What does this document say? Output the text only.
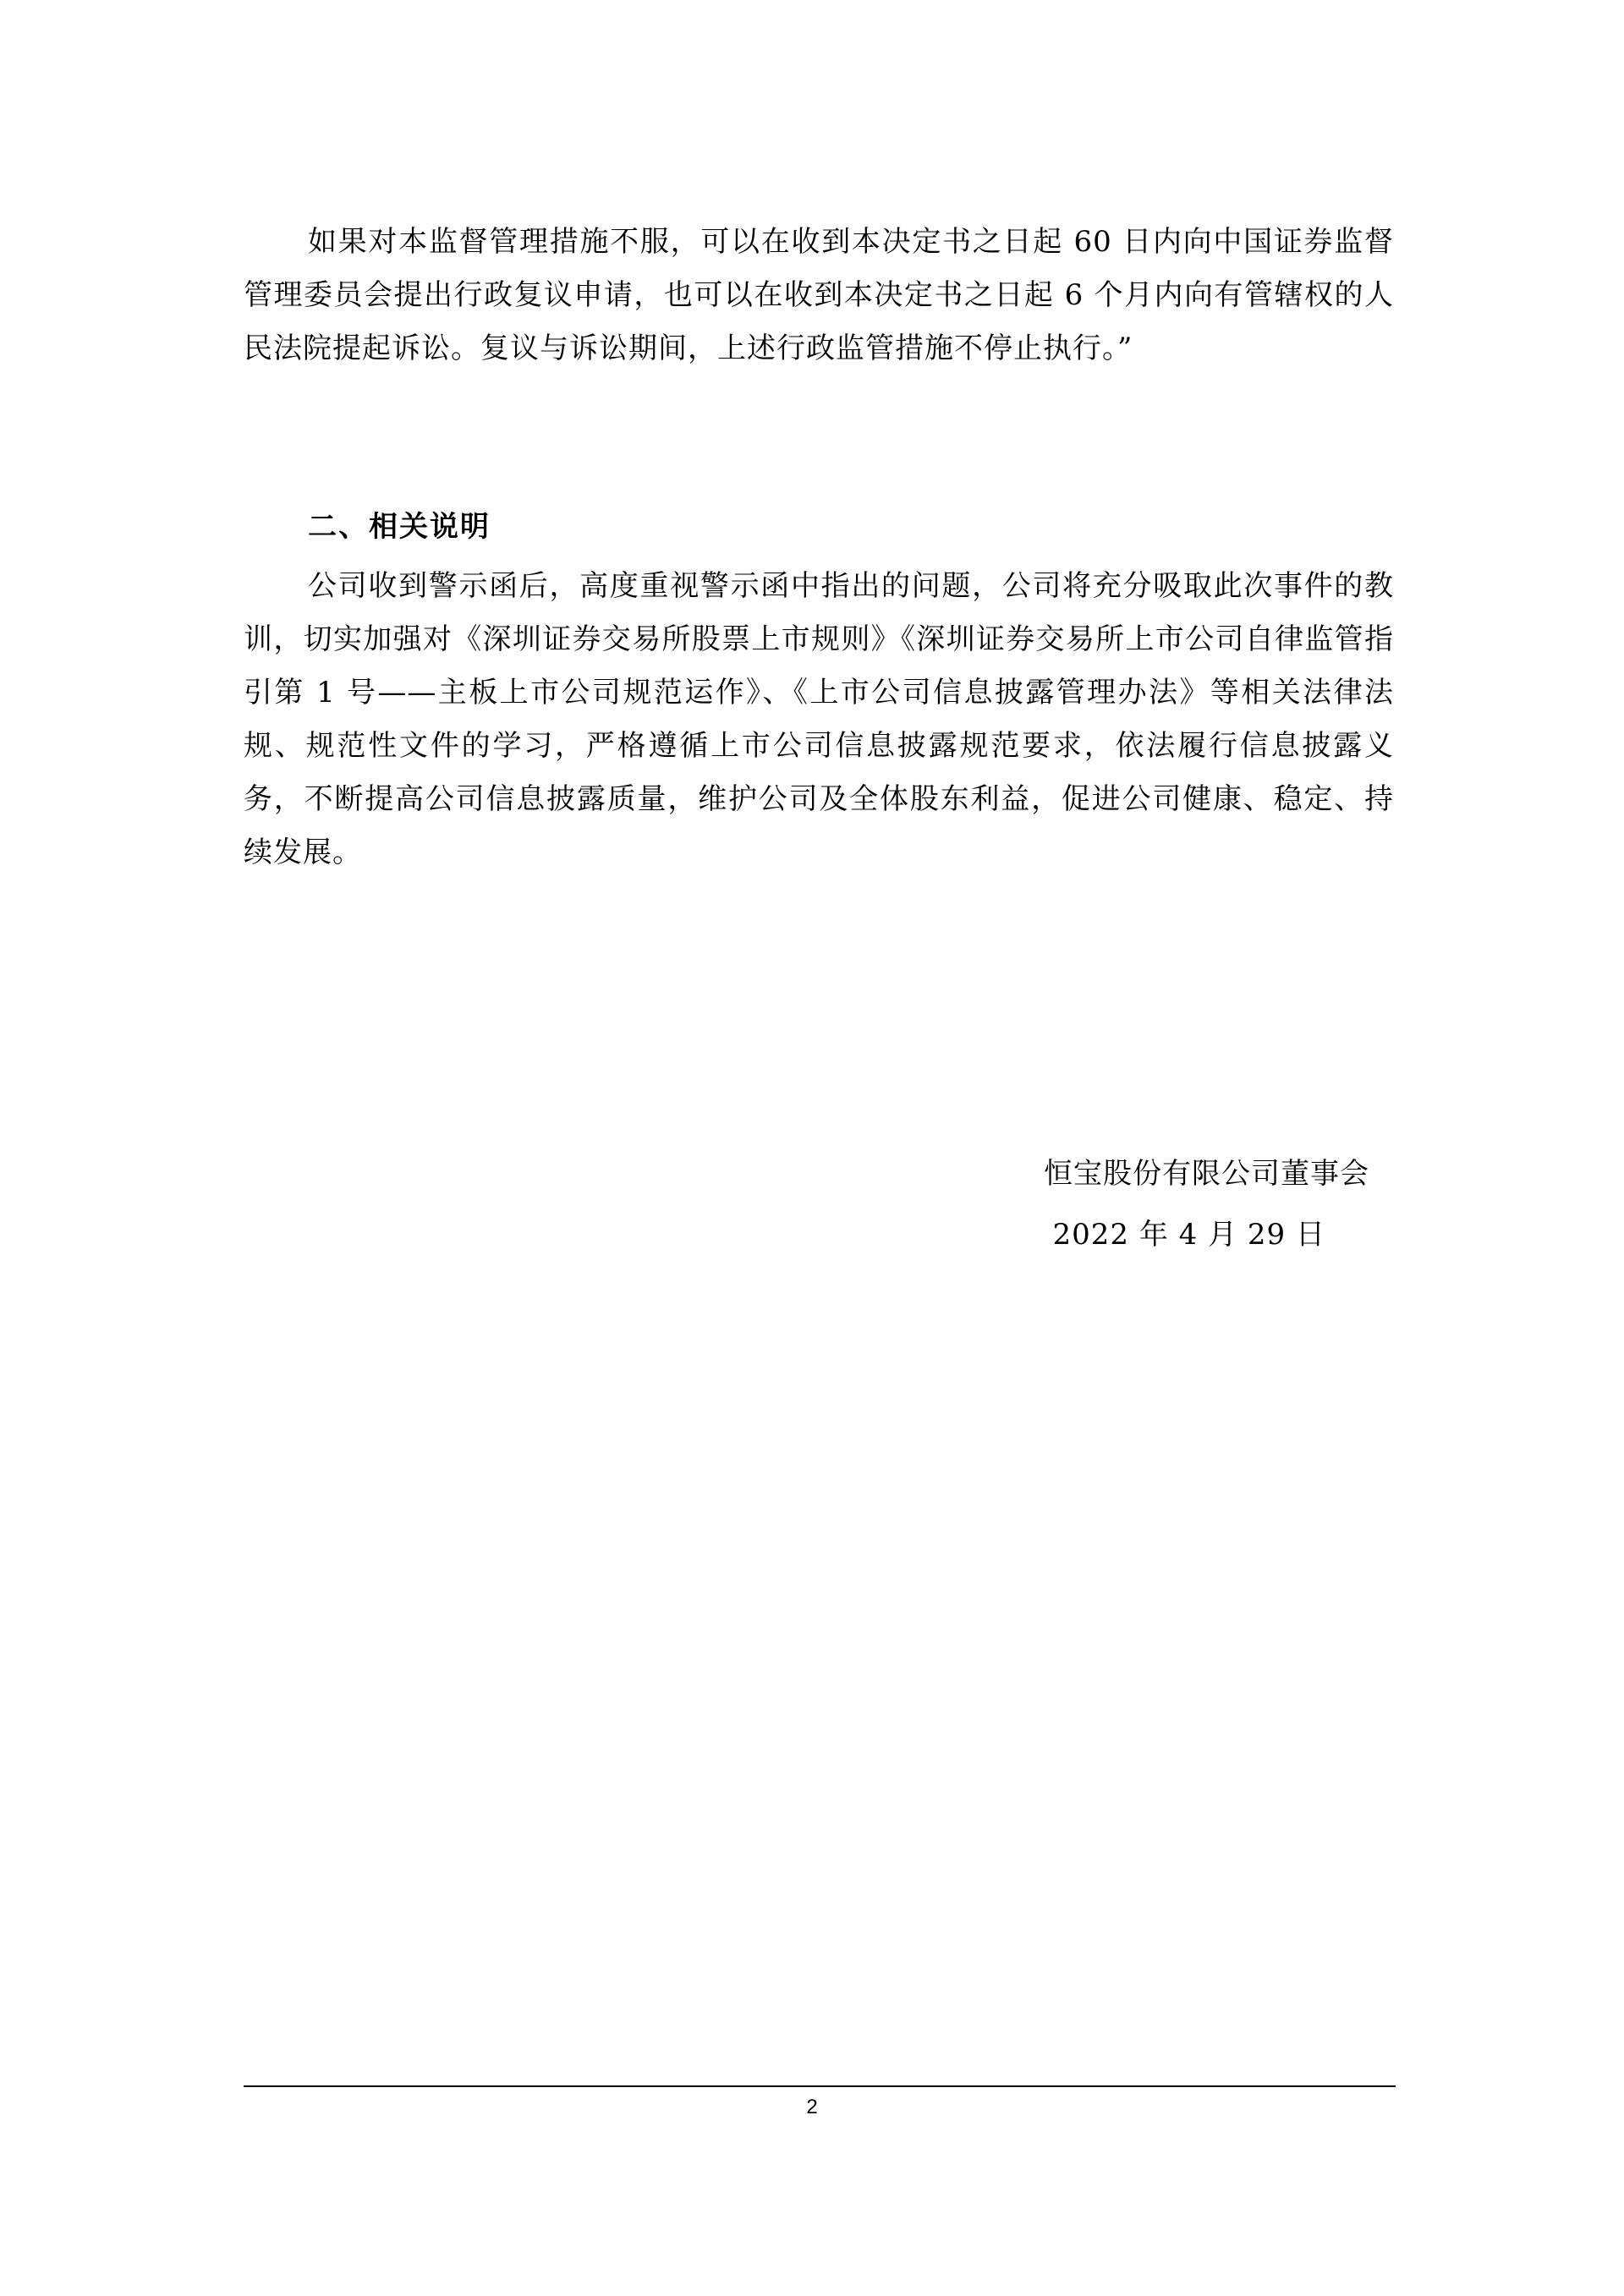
如果对本监督管理措施不服，可以在收到本决定书之日起 60 日内向中国证券监督管理委员会提出行政复议申请，也可以在收到本决定书之日起 6 个月内向有管辖权的人民法院提起诉讼。复议与诉讼期间，上述行政监管措施不停止执行。”

二、相关说明

公司收到警示函后，高度重视警示函中指出的问题，公司将充分吸取此次事件的教训，切实加强对《深圳证券交易所股票上市规则》《深圳证券交易所上市公司自律监管指引第 1 号——主板上市公司规范运作》、《上市公司信息披露管理办法》等相关法律法规、规范性文件的学习，严格遵循上市公司信息披露规范要求，依法履行信息披露义务，不断提高公司信息披露质量，维护公司及全体股东利益，促进公司健康、稳定、持续发展。

恒宝股份有限公司董事会

2022 年 4 月 29 日

2
